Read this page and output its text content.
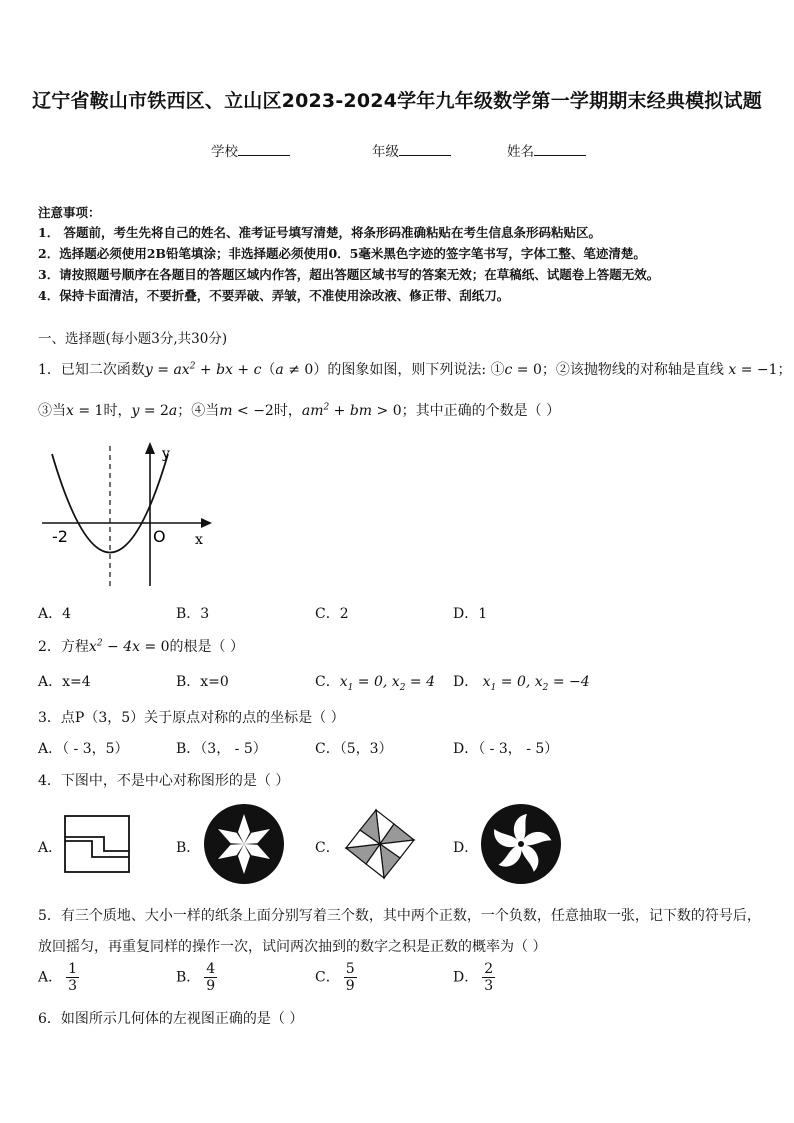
辽宁省鞍山市铁西区、立山区2023-2024学年九年级数学第一学期期末经典模拟试题
学校	年级	姓名
注意事项：
1． 答题前，考生先将自己的姓名、准考证号填写清楚，将条形码准确粘贴在考生信息条形码粘贴区。
2．选择题必须使用2B铅笔填涂；非选择题必须使用0．5毫米黑色字迹的签字笔书写，字体工整、笔迹清楚。
3．请按照题号顺序在各题目的答题区域内作答，超出答题区域书写的答案无效；在草稿纸、试题卷上答题无效。
4．保持卡面清洁，不要折叠，不要弄破、弄皱，不准使用涂改液、修正带、刮纸刀。
一、选择题(每小题3分,共30分)
1．已知二次函数$y = ax^2$ + bx + c（a ≠ 0）的图象如图，则下列说法: ①c = 0；②该抛物线的对称轴是直线 x = −1；
③当x = 1时，y = 2a；④当m < −2时，$am^2$ + bm > 0；其中正确的个数是（ ）
y
x
O
-2
A．4	B．3	C．2	D．1
2．方程$x^2 - 4x = 0$的根是（ ）
A．x=4	B．x=0	C．$x_1 = 0$, $x_2 = 4$ D． $x_1 = 0$, $x_2 = -4$
3．点P（3，5）关于原点对称的点的坐标是（ ）
A．（ - 3，5）	B．（3， - 5）	C．（5，3）	D．（ - 3， - 5）
4．下图中，不是中心对称图形的是（ ）
A．	B．	C．	D．
5．有三个质地、大小一样的纸条上面分别写着三个数，其中两个正数，一个负数，任意抽取一张，记下数的符号后，
放回摇匀，再重复同样的操作一次，试问两次抽到的数字之积是正数的概率为（ ）
A． $\frac{1}{3}$	B． $\frac{4}{9}$	C． $\frac{5}{9}$	D． $\frac{2}{3}$
6．如图所示几何体的左视图正确的是（ ）
